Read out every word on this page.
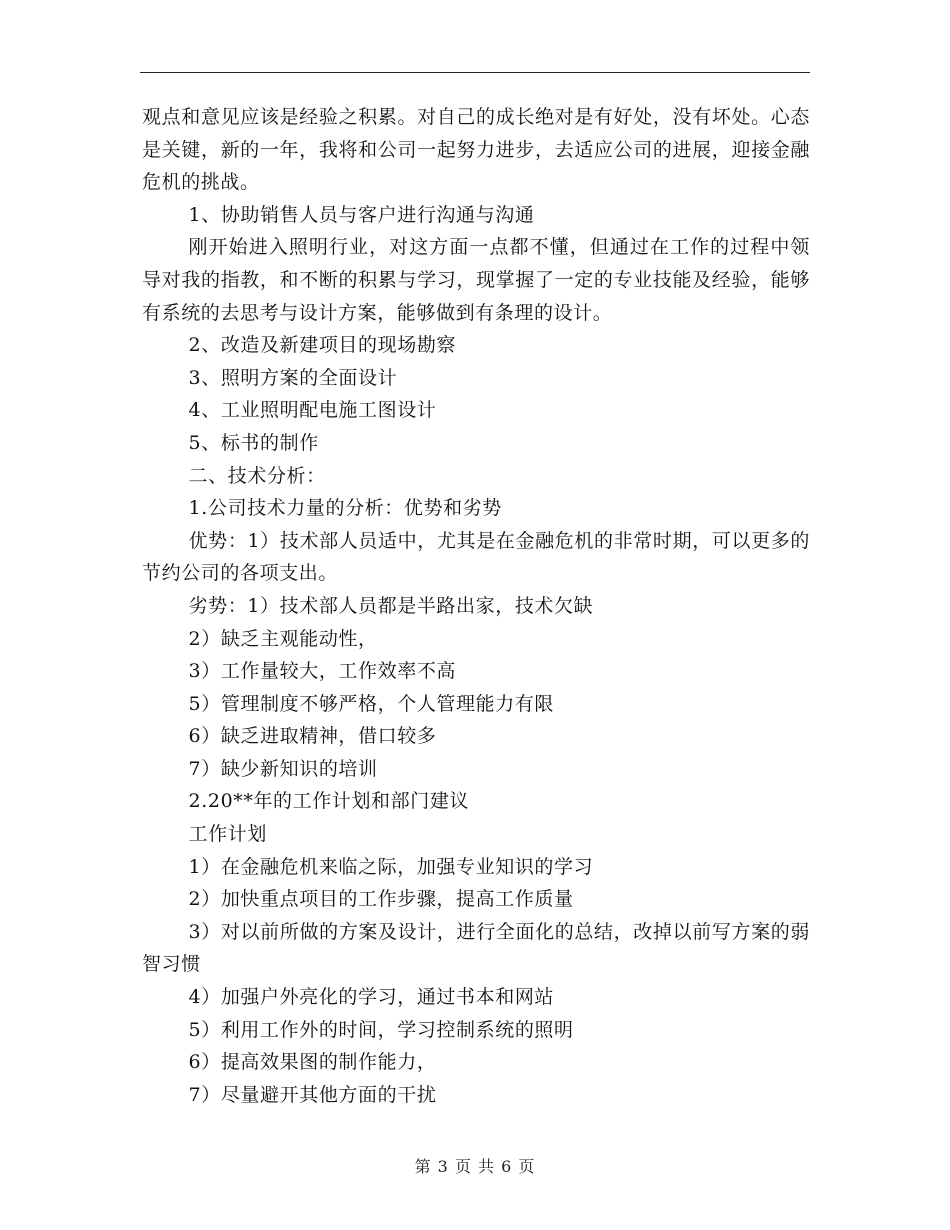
观点和意见应该是经验之积累。对自己的成长绝对是有好处，没有坏处。心态是关键，新的一年，我将和公司一起努力进步，去适应公司的进展，迎接金融危机的挑战。

1、协助销售人员与客户进行沟通与沟通

刚开始进入照明行业，对这方面一点都不懂，但通过在工作的过程中领导对我的指教，和不断的积累与学习，现掌握了一定的专业技能及经验，能够有系统的去思考与设计方案，能够做到有条理的设计。

2、改造及新建项目的现场勘察

3、照明方案的全面设计

4、工业照明配电施工图设计

5、标书的制作

二、技术分析：

1.公司技术力量的分析：优势和劣势

优势：1）技术部人员适中，尤其是在金融危机的非常时期，可以更多的节约公司的各项支出。

劣势：1）技术部人员都是半路出家，技术欠缺

2）缺乏主观能动性，

3）工作量较大，工作效率不高

5）管理制度不够严格，个人管理能力有限

6）缺乏进取精神，借口较多

7）缺少新知识的培训

2.20**年的工作计划和部门建议

工作计划

1）在金融危机来临之际，加强专业知识的学习

2）加快重点项目的工作步骤，提高工作质量

3）对以前所做的方案及设计，进行全面化的总结，改掉以前写方案的弱智习惯

4）加强户外亮化的学习，通过书本和网站

5）利用工作外的时间，学习控制系统的照明

6）提高效果图的制作能力，

7）尽量避开其他方面的干扰

第 3 页 共 6 页
